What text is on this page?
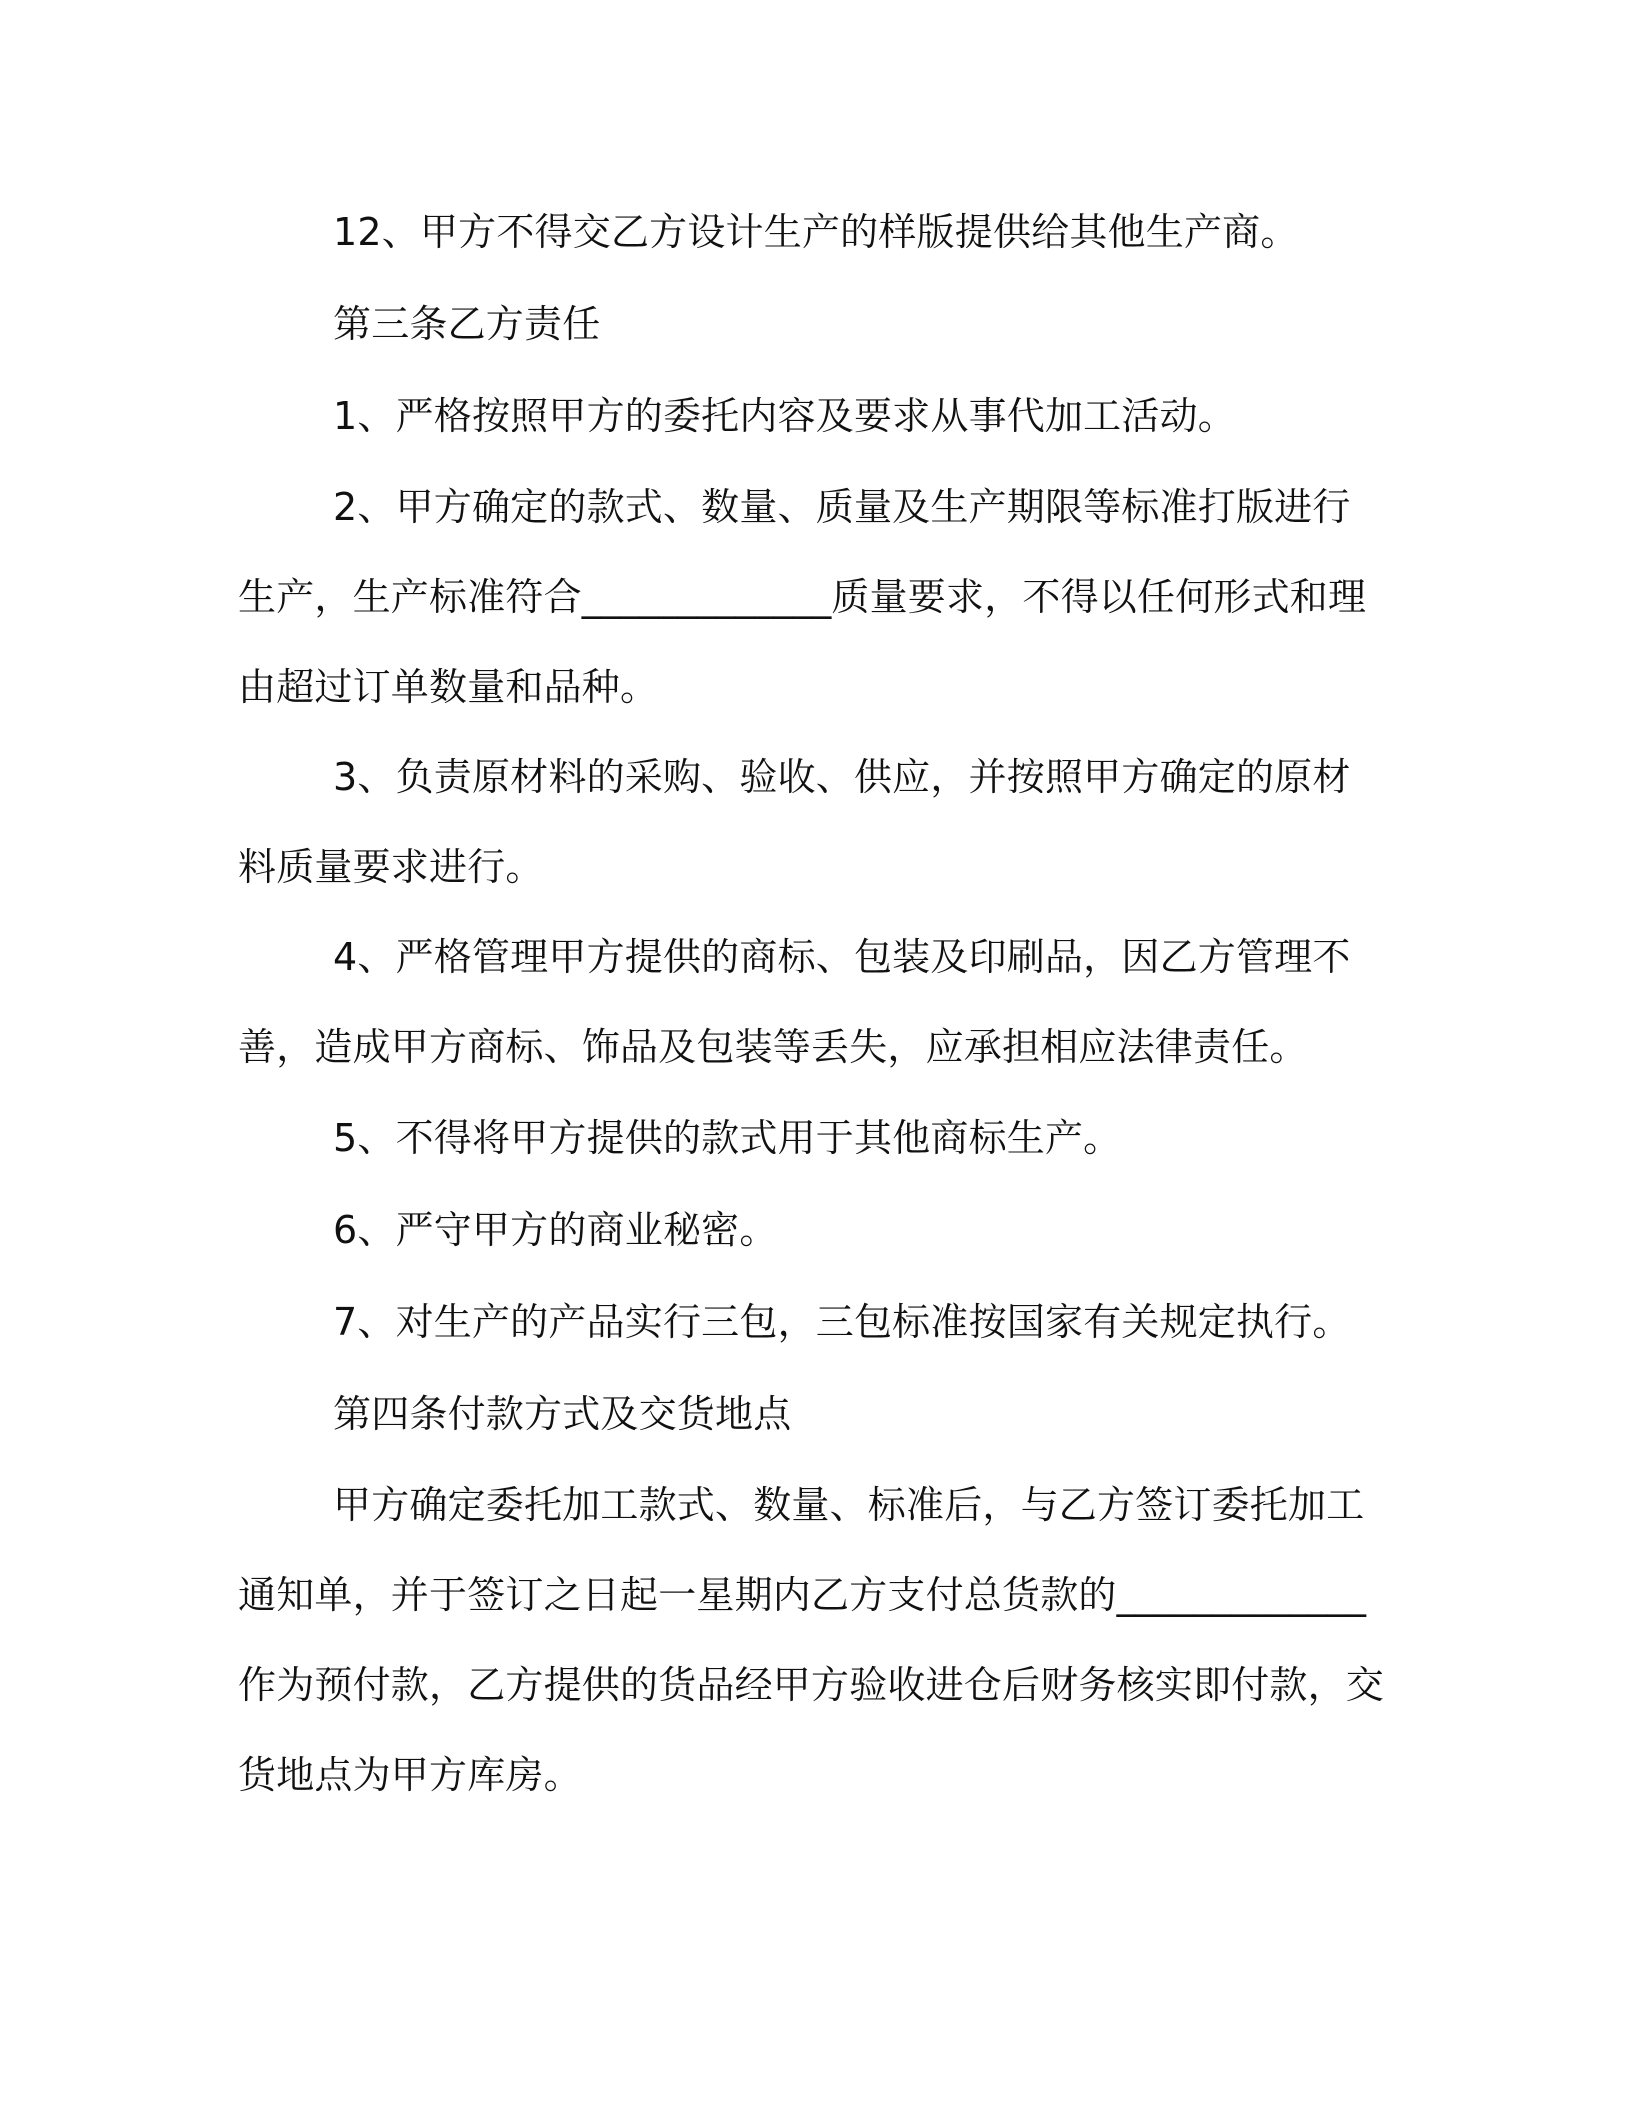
12、甲方不得交乙方设计生产的样版提供给其他生产商。

第三条乙方责任

1、严格按照甲方的委托内容及要求从事代加工活动。

2、甲方确定的款式、数量、质量及生产期限等标准打版进行生产，生产标准符合_____________质量要求，不得以任何形式和理由超过订单数量和品种。

3、负责原材料的采购、验收、供应，并按照甲方确定的原材料质量要求进行。

4、严格管理甲方提供的商标、包装及印刷品，因乙方管理不善，造成甲方商标、饰品及包装等丢失，应承担相应法律责任。

5、不得将甲方提供的款式用于其他商标生产。

6、严守甲方的商业秘密。

7、对生产的产品实行三包，三包标准按国家有关规定执行。

第四条付款方式及交货地点

甲方确定委托加工款式、数量、标准后，与乙方签订委托加工通知单，并于签订之日起一星期内乙方支付总货款的_____________作为预付款，乙方提供的货品经甲方验收进仓后财务核实即付款，交货地点为甲方库房。
